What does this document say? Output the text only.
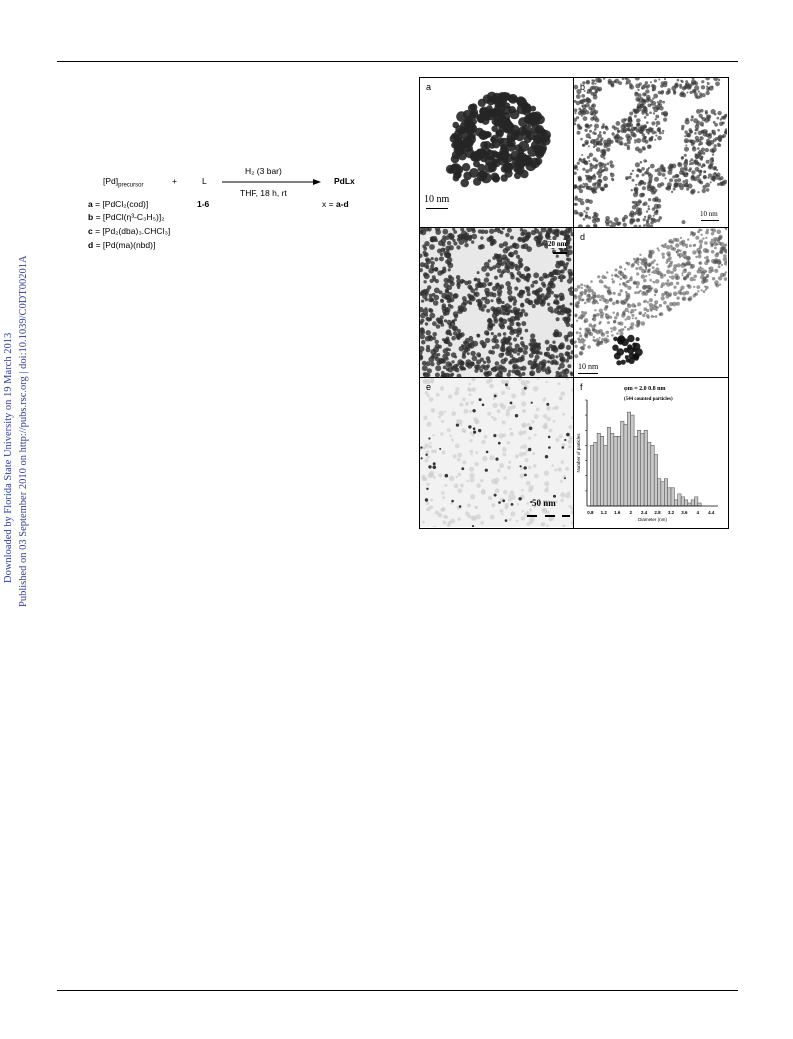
Downloaded by Florida State University on 19 March 2013 Published on 03 September 2010 on http://pubs.rsc.org | doi:10.1039/C0DT00201A
$[Pd]_{precursor}$	+	L
H₂ (3 bar)
THF, 18 h, rt
PdLx
1-6	x = a-d
a = [PdCl₂(cod)]
b = [PdCl(η³-C₃H₅)]₂
c = [Pd₂(dba)₃.CHCl₃]
d = [Pd(ma)(nbd)]
a
10 nm
b
10 nm
c
20 nm
d
10 nm
e
50 nm
f
0.8 1.2 1.6 2 2.4 2.8 3.2 3.6 4 4.4
Diameter (nm)
Number of particles
φm = 2.0 0.8 nm
(544 counted particles)
